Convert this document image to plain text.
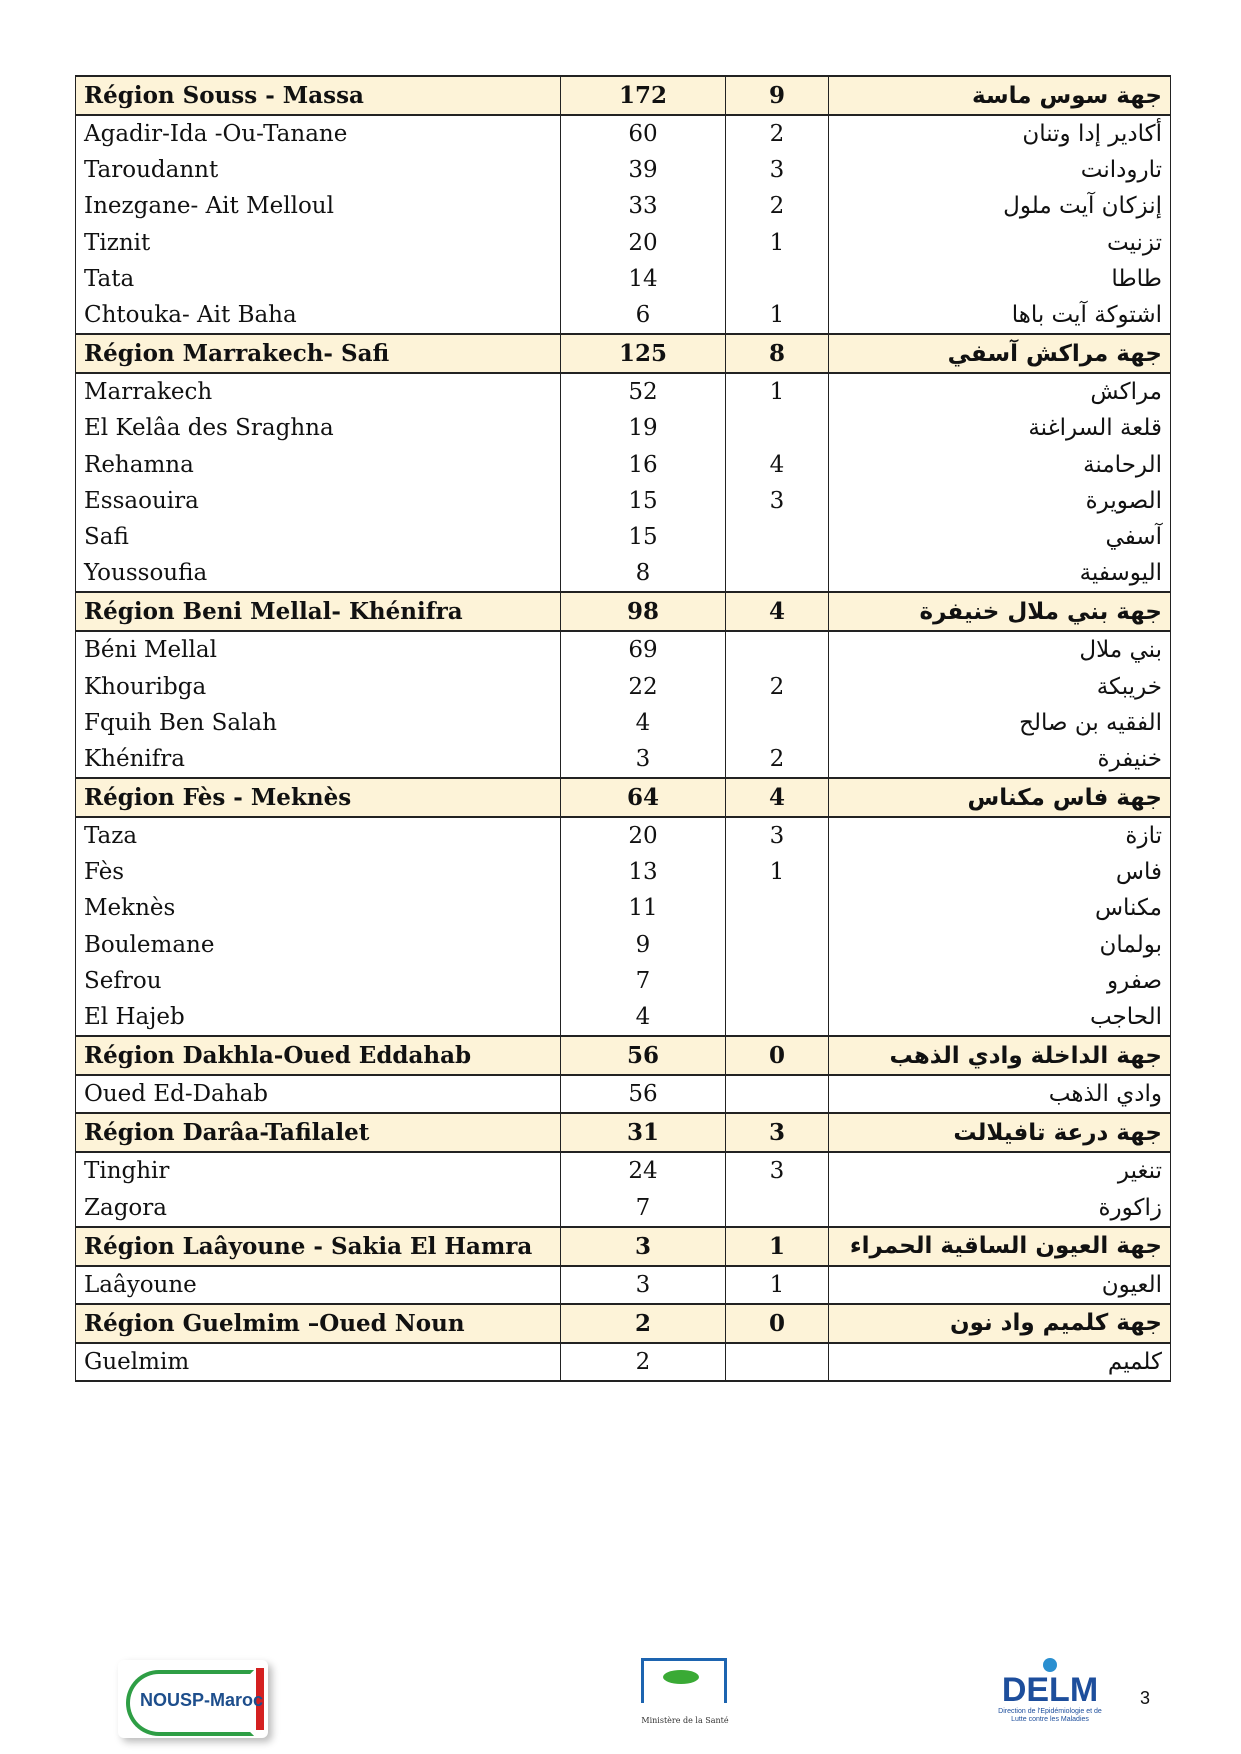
Région Souss - Massa	172	9	جهة سوس ماسة
Agadir-Ida -Ou-Tanane	60	2	أكادير إدا وتنان
Taroudannt	39	3	تارودانت
Inezgane- Ait Melloul	33	2	إنزكان آيت ملول
Tiznit	20	1	تزنيت
Tata	14		طاطا
Chtouka- Ait Baha	6	1	اشتوكة آيت باها
Région Marrakech- Safi	125	8	جهة مراكش آسفي
Marrakech	52	1	مراكش
El Kelâa des Sraghna	19		قلعة السراغنة
Rehamna	16	4	الرحامنة
Essaouira	15	3	الصويرة
Safi	15		آسفي
Youssoufia	8		اليوسفية
Région Beni Mellal- Khénifra	98	4	جهة بني ملال خنيفرة
Béni Mellal	69		بني ملال
Khouribga	22	2	خريبكة
Fquih Ben Salah	4		الفقيه بن صالح
Khénifra	3	2	خنيفرة
Région Fès - Meknès	64	4	جهة فاس مكناس
Taza	20	3	تازة
Fès	13	1	فاس
Meknès	11		مكناس
Boulemane	9		بولمان
Sefrou	7		صفرو
El Hajeb	4		الحاجب
Région Dakhla-Oued Eddahab	56	0	جهة الداخلة وادي الذهب
Oued Ed-Dahab	56		وادي الذهب
Région Darâa-Tafilalet	31	3	جهة درعة تافيلالت
Tinghir	24	3	تنغير
Zagora	7		زاكورة
Région Laâyoune - Sakia El Hamra	3	1	جهة العيون الساقية الحمراء
Laâyoune	3	1	العيون
Région Guelmim –Oued Noun	2	0	جهة كلميم واد نون
Guelmim	2		كلميم
NOUSP-Maroc
Ministère de la Santé
DELM
Direction de l'Epidémiologie et de Lutte contre les Maladies
3
